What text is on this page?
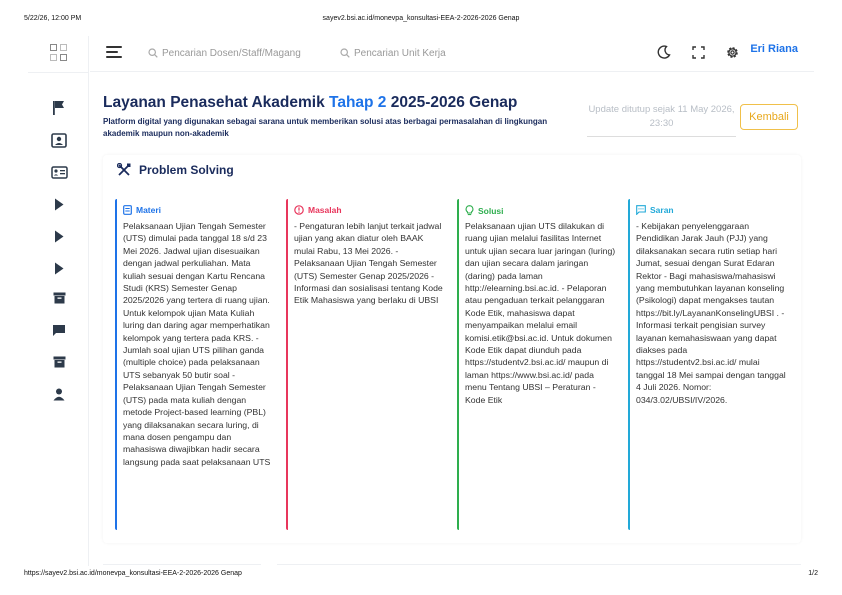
5/22/26, 12:00 PM	sayev2.bsi.ac.id/monevpa_konsultasi-EEA-2-2026-2026 Genap
https://sayev2.bsi.ac.id/monevpa_konsultasi-EEA-2-2026-2026 Genap	1/2
Pencarian Dosen/Staff/Magang	Pencarian Unit Kerja	Eri Riana
Layanan Penasehat Akademik Tahap 2 2025-2026 Genap
Platform digital yang digunakan sebagai sarana untuk memberikan solusi atas berbagai permasalahan di lingkungan akademik maupun non-akademik
Update ditutup sejak 11 May 2026, 23:30
Kembali
Problem Solving
Materi
Pelaksanaan Ujian Tengah Semester (UTS) dimulai pada tanggal 18 s/d 23 Mei 2026. Jadwal ujian disesuaikan dengan jadwal perkuliahan. Mata kuliah sesuai dengan Kartu Rencana Studi (KRS) Semester Genap 2025/2026 yang tertera di ruang ujian. Untuk kelompok ujian Mata Kuliah luring dan daring agar memperhatikan kelompok yang tertera pada KRS. - Jumlah soal ujian UTS pilihan ganda (multiple choice) pada pelaksanaan UTS sebanyak 50 butir soal - Pelaksanaan Ujian Tengah Semester (UTS) pada mata kuliah dengan metode Project-based learning (PBL) yang dilaksanakan secara luring, di mana dosen pengampu dan mahasiswa diwajibkan hadir secara langsung pada saat pelaksanaan UTS
Masalah
- Pengaturan lebih lanjut terkait jadwal ujian yang akan diatur oleh BAAK mulai Rabu, 13 Mei 2026. - Pelaksanaan Ujian Tengah Semester (UTS) Semester Genap 2025/2026 - Informasi dan sosialisasi tentang Kode Etik Mahasiswa yang berlaku di UBSI
Solusi
Pelaksanaan ujian UTS dilakukan di ruang ujian melalui fasilitas Internet untuk ujian secara luar jaringan (luring) dan ujian secara dalam jaringan (daring) pada laman http://elearning.bsi.ac.id. - Pelaporan atau pengaduan terkait pelanggaran Kode Etik, mahasiswa dapat menyampaikan melalui email komisi.etik@bsi.ac.id. Untuk dokumen Kode Etik dapat diunduh pada https://studentv2.bsi.ac.id/ maupun di laman https://www.bsi.ac.id/ pada menu Tentang UBSI – Peraturan - Kode Etik
Saran
- Kebijakan penyelenggaraan Pendidikan Jarak Jauh (PJJ) yang dilaksanakan secara rutin setiap hari Jumat, sesuai dengan Surat Edaran Rektor - Bagi mahasiswa/mahasiswi yang membutuhkan layanan konseling (Psikologi) dapat mengakses tautan https://bit.ly/LayananKonselingUBSI . - Informasi terkait pengisian survey layanan kemahasiswaan yang dapat diakses pada https://studentv2.bsi.ac.id/ mulai tanggal 18 Mei sampai dengan tanggal 4 Juli 2026. Nomor: 034/3.02/UBSI/IV/2026.
